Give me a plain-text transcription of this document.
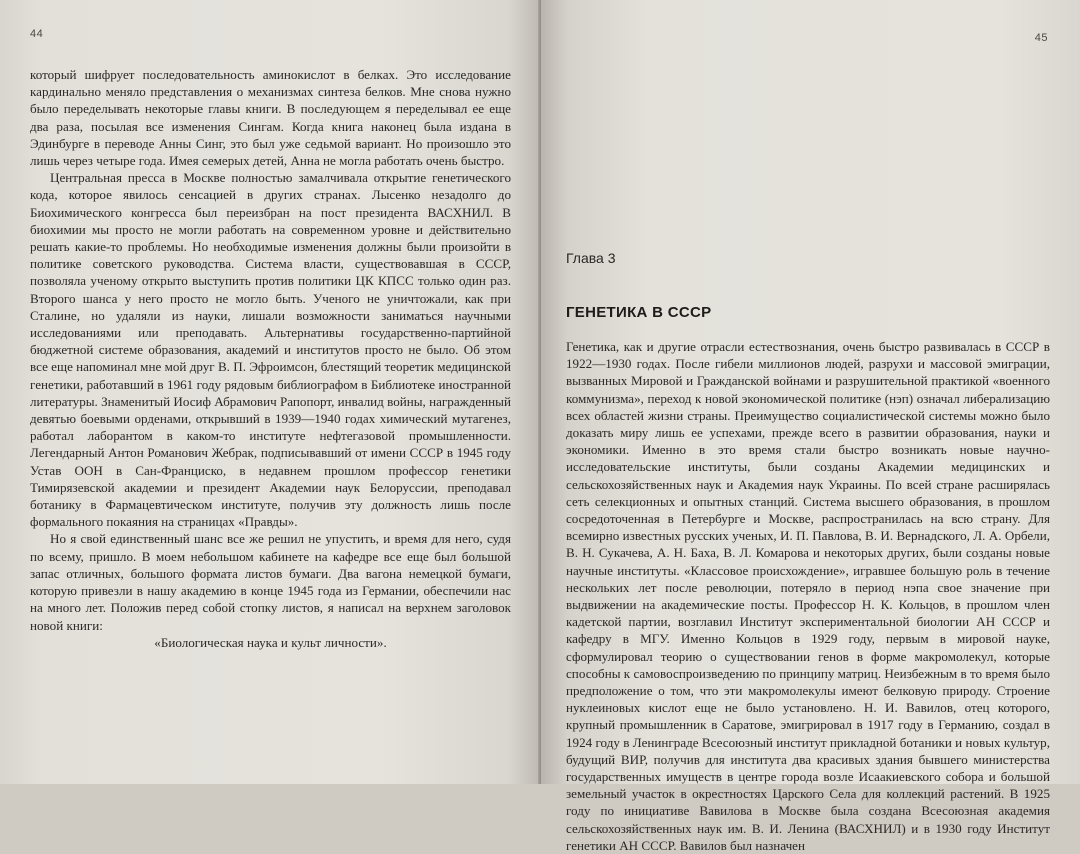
44

который шифрует последовательность аминокислот в белках. Это исследование кардинально меняло представления о механизмах синтеза белков. Мне снова нужно было переделывать некоторые главы книги. В последующем я переделывал ее еще два раза, посылая все изменения Сингам. Когда книга наконец была издана в Эдинбурге в переводе Анны Синг, это был уже седьмой вариант. Но произошло это лишь через четыре года. Имея семерых детей, Анна не могла работать очень быстро.

Центральная пресса в Москве полностью замалчивала открытие генетического кода, которое явилось сенсацией в других странах. Лысенко незадолго до Биохимического конгресса был переизбран на пост президента ВАСХНИЛ. В биохимии мы просто не могли работать на современном уровне и действительно решать какие-то проблемы. Но необходимые изменения должны были произойти в политике советского руководства. Система власти, существовавшая в СССР, позволяла ученому открыто выступить против политики ЦК КПСС только один раз. Второго шанса у него просто не могло быть. Ученого не уничтожали, как при Сталине, но удаляли из науки, лишали возможности заниматься научными исследованиями или преподавать. Альтернативы государственно-партийной бюджетной системе образования, академий и институтов просто не было. Об этом все еще напоминал мне мой друг В. П. Эфроимсон, блестящий теоретик медицинской генетики, работавший в 1961 году рядовым библиографом в Библиотеке иностранной литературы. Знаменитый Иосиф Абрамович Рапопорт, инвалид войны, награжденный девятью боевыми орденами, открывший в 1939—1940 годах химический мутагенез, работал лаборантом в каком-то институте нефтегазовой промышленности. Легендарный Антон Романович Жебрак, подписывавший от имени СССР в 1945 году Устав ООН в Сан-Франциско, в недавнем прошлом профессор генетики Тимирязевской академии и президент Академии наук Белоруссии, преподавал ботанику в Фармацевтическом институте, получив эту должность лишь после формального покаяния на страницах «Правды».

Но я свой единственный шанс все же решил не упустить, и время для него, судя по всему, пришло. В моем небольшом кабинете на кафедре все еще был большой запас отличных, большого формата листов бумаги. Два вагона немецкой бумаги, которую привезли в нашу академию в конце 1945 года из Германии, обеспечили нас на много лет. Положив перед собой стопку листов, я написал на верхнем заголовок новой книги:

«Биологическая наука и культ личности».

45
Глава 3
ГЕНЕТИКА В СССР

Генетика, как и другие отрасли естествознания, очень быстро развивалась в СССР в 1922—1930 годах. После гибели миллионов людей, разрухи и массовой эмиграции, вызванных Мировой и Гражданской войнами и разрушительной практикой «военного коммунизма», переход к новой экономической политике (нэп) означал либерализацию всех областей жизни страны. Преимущество социалистической системы можно было доказать миру лишь ее успехами, прежде всего в развитии образования, науки и экономики. Именно в это время стали быстро возникать новые научно-исследовательские институты, были созданы Академии медицинских и сельскохозяйственных наук и Академия наук Украины. По всей стране расширялась сеть селекционных и опытных станций. Система высшего образования, в прошлом сосредоточенная в Петербурге и Москве, распространилась на всю страну. Для всемирно известных русских ученых, И. П. Павлова, В. И. Вернадского, Л. А. Орбели, В. Н. Сукачева, А. Н. Баха, В. Л. Комарова и некоторых других, были созданы новые научные институты. «Классовое происхождение», игравшее большую роль в течение нескольких лет после революции, потеряло в период нэпа свое значение при выдвижении на академические посты. Профессор Н. К. Кольцов, в прошлом член кадетской партии, возглавил Институт экспериментальной биологии АН СССР и кафедру в МГУ. Именно Кольцов в 1929 году, первым в мировой науке, сформулировал теорию о существовании генов в форме макромолекул, которые способны к самовоспроизведению по принципу матриц. Неизбежным в то время было предположение о том, что эти макромолекулы имеют белковую природу. Строение нуклеиновых кислот еще не было установлено. Н. И. Вавилов, отец которого, крупный промышленник в Саратове, эмигрировал в 1917 году в Германию, создал в 1924 году в Ленинграде Всесоюзный институт прикладной ботаники и новых культур, будущий ВИР, получив для института два красивых здания бывшего министерства государственных имуществ в центре города возле Исаакиевского собора и большой земельный участок в окрестностях Царского Села для коллекций растений. В 1925 году по инициативе Вавилова в Москве была создана Всесоюзная академия сельскохозяйственных наук им. В. И. Ленина (ВАСХНИЛ) и в 1930 году Институт генетики АН СССР. Вавилов был назначен
